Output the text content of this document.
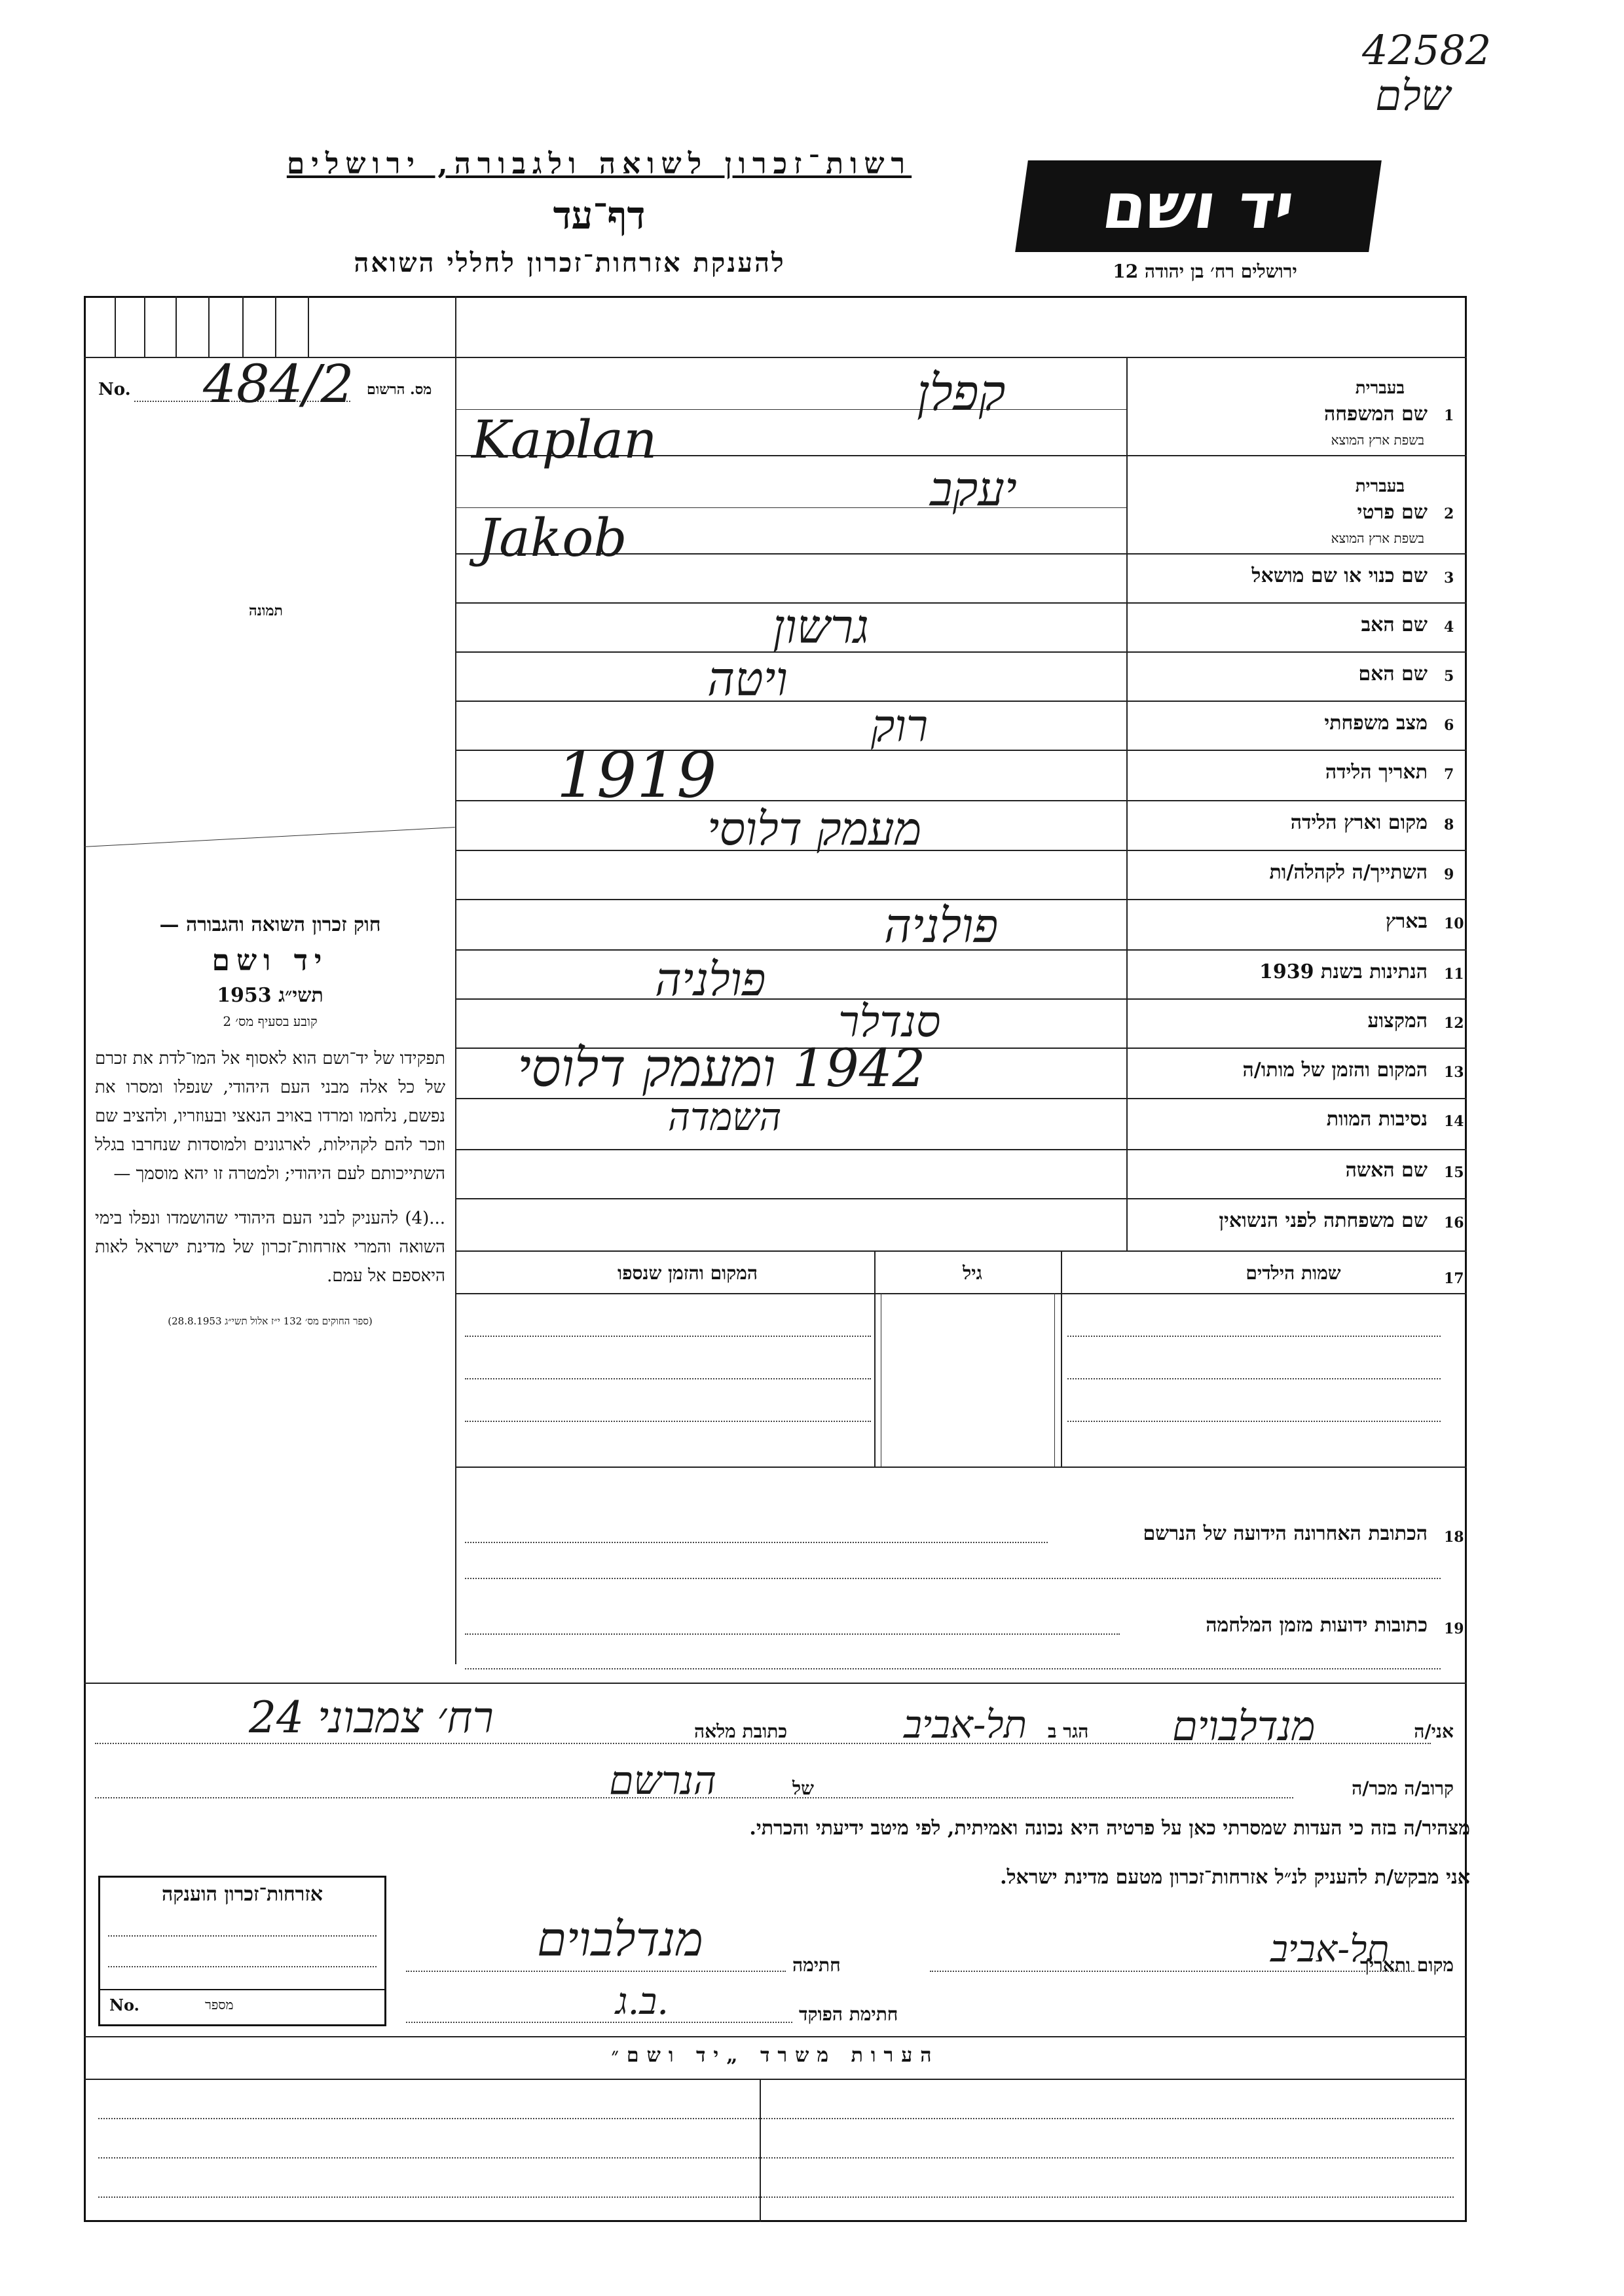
42582
שלם
רשות־זכרון לשואה ולגבורה, ירושלים
דף־עד
להענקת אזרחות־זכרון לחללי השואה
יד ושם
ירושלים רח׳ בן יהודה 12
No. 484/2 מס. הרשום
תמונה
חוק זכרון השואה והגבורה —
יד ושם
תשי״ג 1953
קובע בסעיף מס׳ 2

תפקידו של יד־ושם הוא לאסוף אל המו־לדת את זכרם של כל אלה מבני העם היהודי, שנפלו ומסרו את נפשם, נלחמו ומרדו באויב הנאצי ובעוזריו, ולהציב שם וזכר להם לקהילות, לארגונים ולמוסדות שנחרבו בגלל השתייכותם לעם היהודי; ולמטרה זו יהא מוסמך —

...(4) להעניק לבני העם היהודי שהושמדו ונפלו בימי השואה והמרי אזרחות־זכרון של מדינת ישראל לאות היאספם אל עמם.

(ספר החוקים מס׳ 132 י״ז אלול תשי״ג 28.8.1953)
1
שם המשפחה
בעברית
בשפת ארץ המוצא
קפלן
Kaplan
2
שם פרטי
בעברית
בשפת ארץ המוצא
יעקב
Jakob
3
שם כנוי או שם מושאל
4
שם האב
גרשון
5
שם האם
ויטה
6
מצב משפחתי
רוק
7
תאריך הלידה
1919
8
מקום וארץ הלידה
מעמק דלוסי
9
השתייך/ה לקהלה/ות
10
בארץ
פולניה
11
הנתינות בשנת 1939
פולניה
12
המקצוע
סנדלר
13
המקום והזמן של מותו/ה
1942 ומעמק דלוסי
14
נסיבות המוות
השמדה
15
שם האשה
16
שם משפחתה לפני הנשואין
17
שמות הילדים
גיל
המקום והזמן שנספו
18
הכתובת האחרונה הידועה של הנרשם
19
כתובות ידועות מזמן המלחמה
אני/ה
מנדלבוים
הגר ב
תל-אביב
כתובת מלאה
רח׳ צמבוני 24
קרוב/ה מכר/ה
של
הנרשם
מצהיר/ה בזה כי העדות שמסרתי כאן על פרטיה היא נכונה ואמיתית, לפי מיטב ידיעתי והכרתי.
אני מבקש/ת להעניק לנ״ל אזרחות־זכרון מטעם מדינת ישראל.
אזרחות־זכרון הוענקה
No.	מספר
מקום ותאריך
תל-אביב
חתימה
מנדלבוים
חתימת הפוקד
ב.ג.
הערות משרד „יד ושם״
